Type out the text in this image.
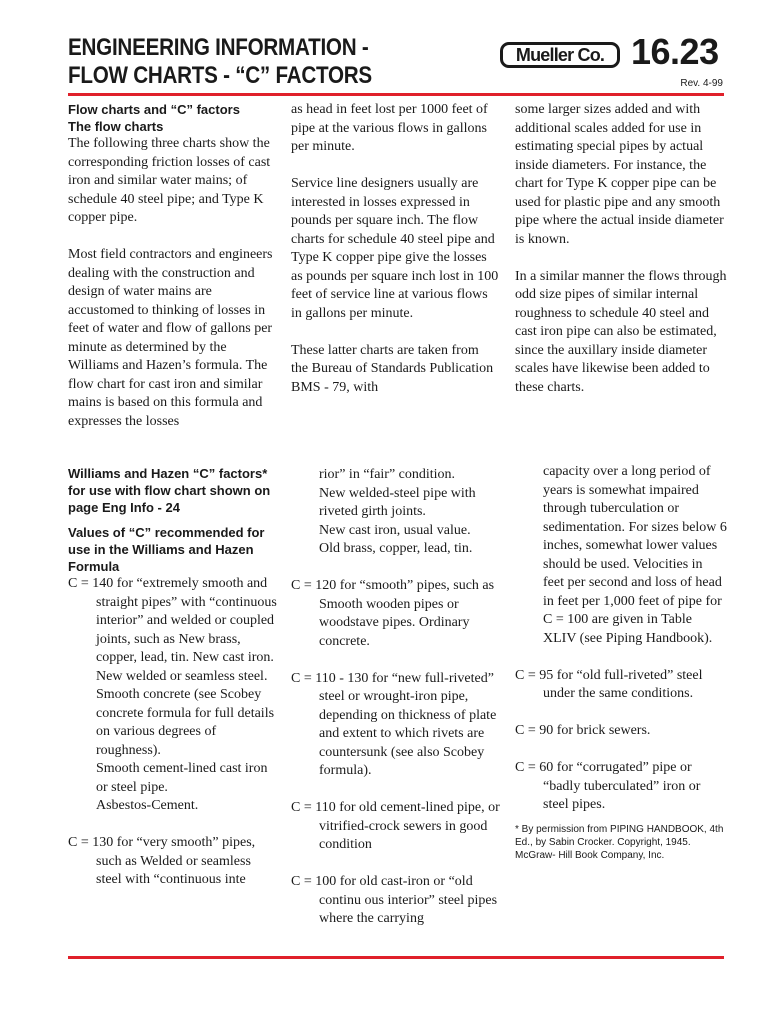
ENGINEERING INFORMATION -
FLOW CHARTS - “C” FACTORS
Mueller Co. 16.23
Rev. 4-99
Flow charts and “C” factors
The flow charts

The following three charts show the corresponding friction losses of cast iron and similar water mains; of schedule 40 steel pipe; and Type K copper pipe.

Most field contractors and engineers dealing with the construction and design of water mains are accustomed to thinking of losses in feet of water and flow of gallons per minute as determined by the Williams and Hazen’s formula. The flow chart for cast iron and similar mains is based on this formula and expresses the losses

as head in feet lost per 1000 feet of pipe at the various flows in gallons per minute.

Service line designers usually are interested in losses expressed in pounds per square inch. The flow charts for schedule 40 steel pipe and Type K copper pipe give the losses as pounds per square inch lost in 100 feet of service line at various flows in gallons per minute.

These latter charts are taken from the Bureau of Standards Publication BMS - 79, with

some larger sizes added and with additional scales added for use in estimating special pipes by actual inside diameters. For instance, the chart for Type K copper pipe can be used for plastic pipe and any smooth pipe where the actual inside diameter is known.

In a similar manner the flows through odd size pipes of similar internal roughness to schedule 40 steel and cast iron pipe can also be estimated, since the auxillary inside diameter scales have likewise been added to these charts.

Williams and Hazen “C” factors* for use with flow chart shown on page Eng Info - 24
Values of “C” recommended for use in the Williams and Hazen Formula

C = 140 for “extremely smooth and straight pipes” with “continuous interior” and welded or coupled joints, such as New brass, copper, lead, tin. New cast iron.

New welded or seamless steel. Smooth concrete (see Scobey concrete formula for full details on various degrees of roughness).

Smooth cement-lined cast iron or steel pipe.

Asbestos-Cement.

C = 130 for “very smooth” pipes, such as Welded or seamless steel with “continuous inte

rior” in “fair” condition.

New welded-steel pipe with riveted girth joints.

New cast iron, usual value.

Old brass, copper, lead, tin.

C = 120 for “smooth” pipes, such as Smooth wooden pipes or woodstave pipes. Ordinary concrete.

C = 110 - 130 for “new full-riveted” steel or wrought-iron pipe, depending on thickness of plate and extent to which rivets are countersunk (see also Scobey formula).

C = 110 for old cement-lined pipe, or vitrified-crock sewers in good condition

C = 100 for old cast-iron or “old continu ous interior” steel pipes where the carrying

capacity over a long period of years is somewhat impaired through tuberculation or sedimentation. For sizes below 6 inches, somewhat lower values should be used. Velocities in feet per second and loss of head in feet per 1,000 feet of pipe for C = 100 are given in Table XLIV (see Piping Handbook).

C = 95 for “old full-riveted” steel under the same conditions.

C = 90 for brick sewers.

C = 60 for “corrugated” pipe or “badly tuberculated” iron or steel pipes.

* By permission from PIPING HANDBOOK, 4th Ed., by Sabin Crocker. Copyright, 1945. McGraw- Hill Book Company, Inc.
